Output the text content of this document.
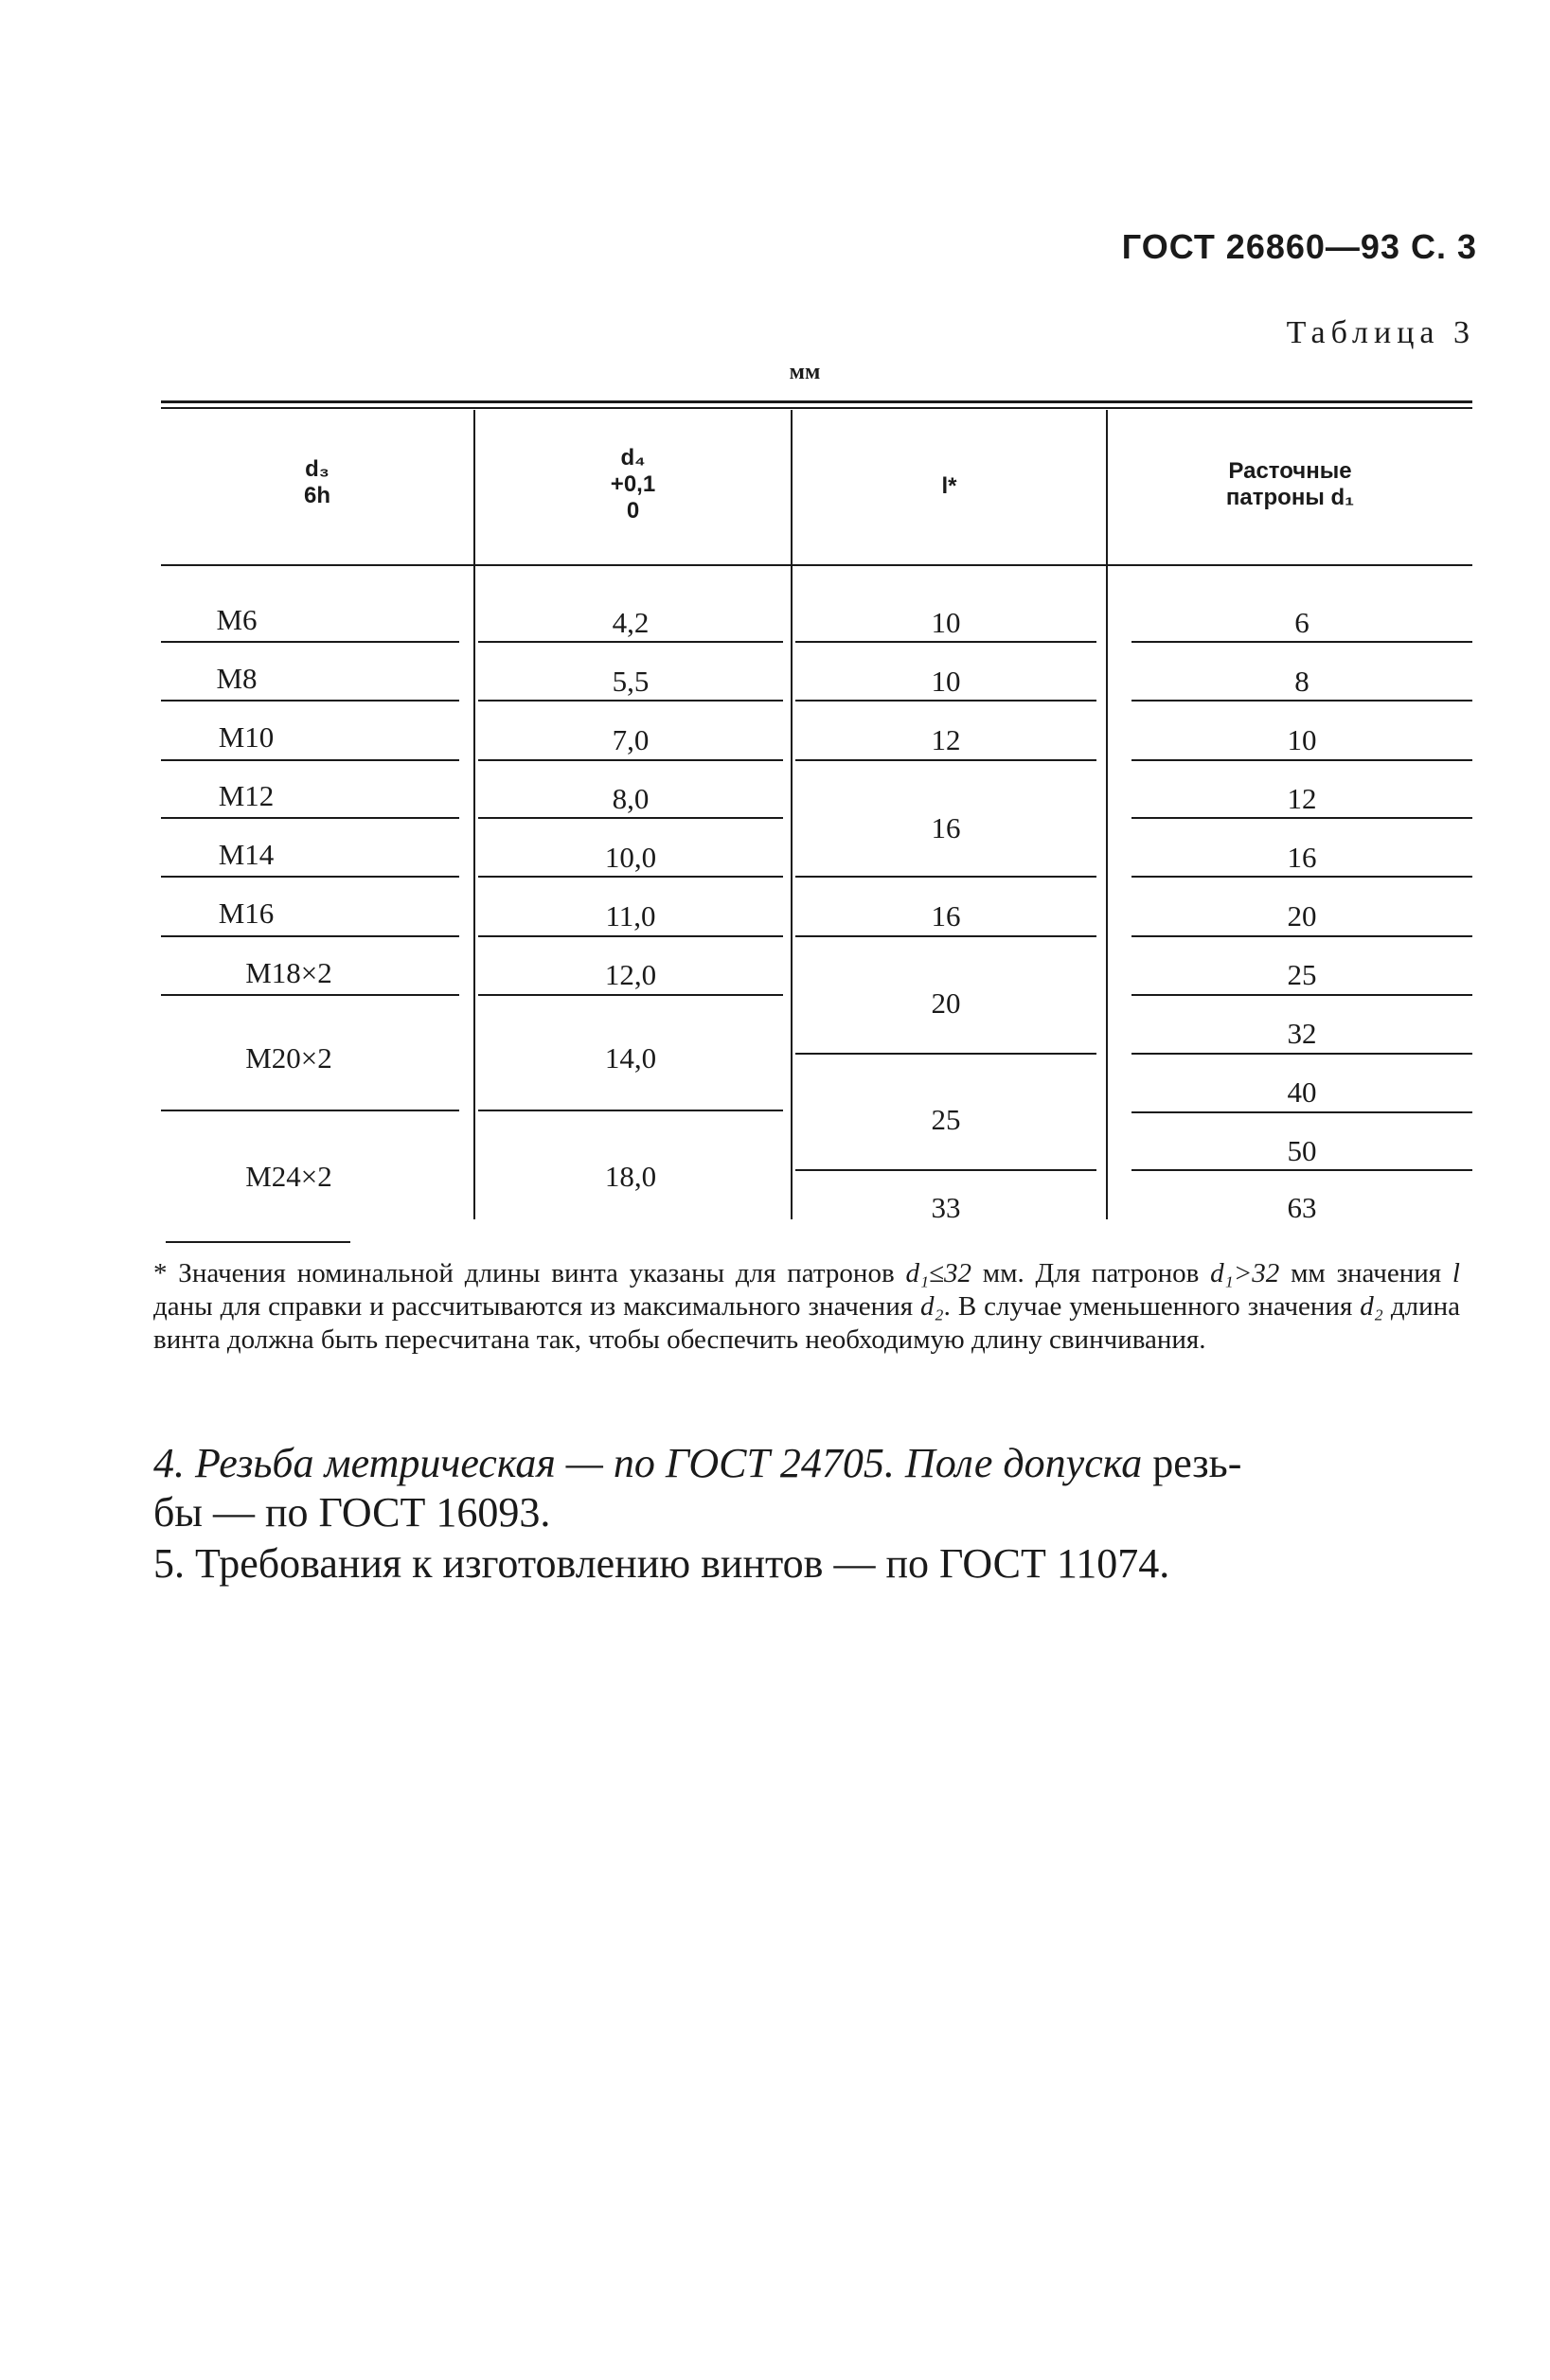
ГОСТ 26860—93 С. 3
Таблица 3
мм
d₃
6h
d₄
+0,1
0
l*
Расточные
патроны d₁
M6
M8
M10
M12
M14
M16
M18×2
M20×2
M24×2
4,2
5,5
7,0
8,0
10,0
11,0
12,0
14,0
18,0
10
10
12
16
16
20
25
33
6
8
10
12
16
20
25
32
40
50
63
* Значения номинальной длины винта указаны для патронов d₁≤32 мм. Для патронов d₁>32 мм значения l даны для справки и рассчитываются из максимального значения d₂. В случае уменьшенного значения d₂ длина винта должна быть пересчитана так, чтобы обеспечить необходимую длину свинчивания.
4. Резьба метрическая — по ГОСТ 24705. Поле допуска резь-
бы — по ГОСТ 16093.
5. Требования к изготовлению винтов — по ГОСТ 11074.
